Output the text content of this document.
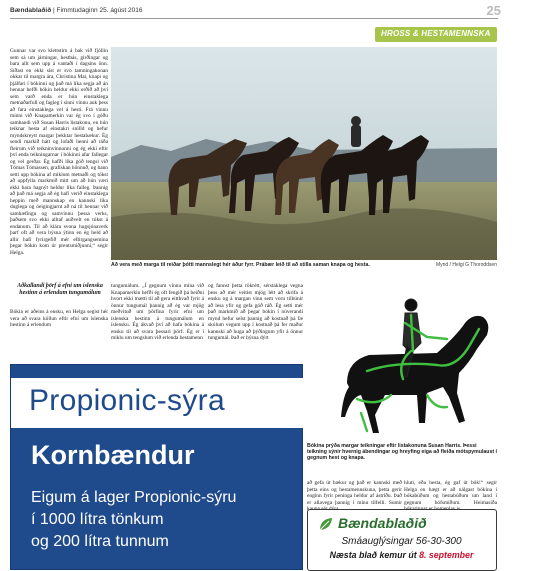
Bændablaðið | Fimmtudaginn 25. ágúst 2016	25
HROSS & HESTAMENNSKA
Gunnar var svo klettstirn á bak við fjöllin sem sá um járningar, hestbás, girðingar og bara allt sem upp á vantaði í dagsins önn. Síðast en ekki síst er svo tamningakonan okkar til margra ára, Christina Mai, knapi og þjálfari í bókinni og það má líka segja að án hennar hefði bókin heldur ekki orðið að því sem varð enda er hún einstaklega metnaðarfull og fagleg í sinni vinnu auk þess að fara einstaklega vel á hesti. Frá vinnu minni við Knapamerkin var ég svo í góðu sambandi við Susan Harris listakonu, en hún teiknar hesta af einstakri snilld og hefur myndskreytt margar þekktar hestabækur. Ég sendi markið hátt og lofaði henni að ráða fleirum við teikninvinnunni og ég ekki eftir því enda teikningarnar í bókinni afar fallegar og vel gerðar. Ég hafði líka góð tengsl við Tómas Tómassen, grafískan hönnuð, og hann setti upp bókina af miklum metnaði og tókst að uppfylla markmið mitt um að hún væri ekki bara hagnýt heldur líka falleg. Þannig að það má segja að ég hafi verið einstaklega heppin með mannskap en kannski líka duglega og óeigingjarnt að ná til hennar við samhæfingu og samvinnu þessa verks, þaðsem svo ekki alltaf auðvelt en tókst á endanum. Til að klára svona hugsjónaverk þarf oft að vera býsna ýtinn en ég held að allir hafi fyrirgefið mér eftirgangsemina þegar bókin kom úr prentsmiðjunni,“ segir Helga.
Aðkallandi þörf á efni um íslenska hestinn á erlendum tungumálum
Bókin er aðeins á ensku, en Helga segist hér vera að svara köllun eftir efni um íslenska hestinn á erlendum
Að vera með marga til reiðar þótti mannslegt hér áður fyrr. Prábær leið til að stilla saman knapa og hesta.	Mynd / Helgi G Thoroddsen
tungumálum. „Í gegnum vinnu mína við Knapamerkin hefði ég oft fengið þá beiðni hvort ekki mætti til að gera eitthvað fyrir á önnur tungumál þannig að ég var mjög meðvituð um þörfina fyrir efni um íslenska hestinn á tungumálum en íslensku. Ég ákvað því að hafa bókina á ensku til að svara þessari þörf. Ég er í miklu um tengslum við erlenda hestamenn
og fannst þetta rökrétt, sérstaklega vegna þess að mér veitist mjög létt að skrifa á ensku og á margan vinn sem voru tilbúnir að lesa yfir og gefa góð ráð. Ég setti mér það markmið að þegar bókin í núverandi mynd hefur selst þannig að kostnað þá fæ skólum vegum upp í kostnað þá fer maður kannski að huga að þýðingum yfir á önnur tungumál. Það er býsna dýrt
Bókina prýða margar teikningar eftir listakonuna Susan Harris. Þessi teikning sýnir hvernig ábendingar og hreyfing eiga að fleiða mótspymulaust í gegnum hest og knapa.
að gefa út bækur og það er kannski með þetta eins og hestamennskuna, þetta gerir enginn fyrir peninga heldur af ástríðu. Það er allavega þannig í mínu tilfelli. Sumir
hluti, eða hesta, ég gaf út bók!“ segir Helga en hægt er að nálgast bókina í bókabúðum og hestabúðum um land í gegnum hófsmíðum. Heimasíða
Propionic-sýra
Kornbændur
Eigum á lager Propionic-sýru
í 1000 lítra tönkum
og 200 lítra tunnum
Bændablaðið
Smáauglýsingar 56-30-300
Næsta blað kemur út 8. september
